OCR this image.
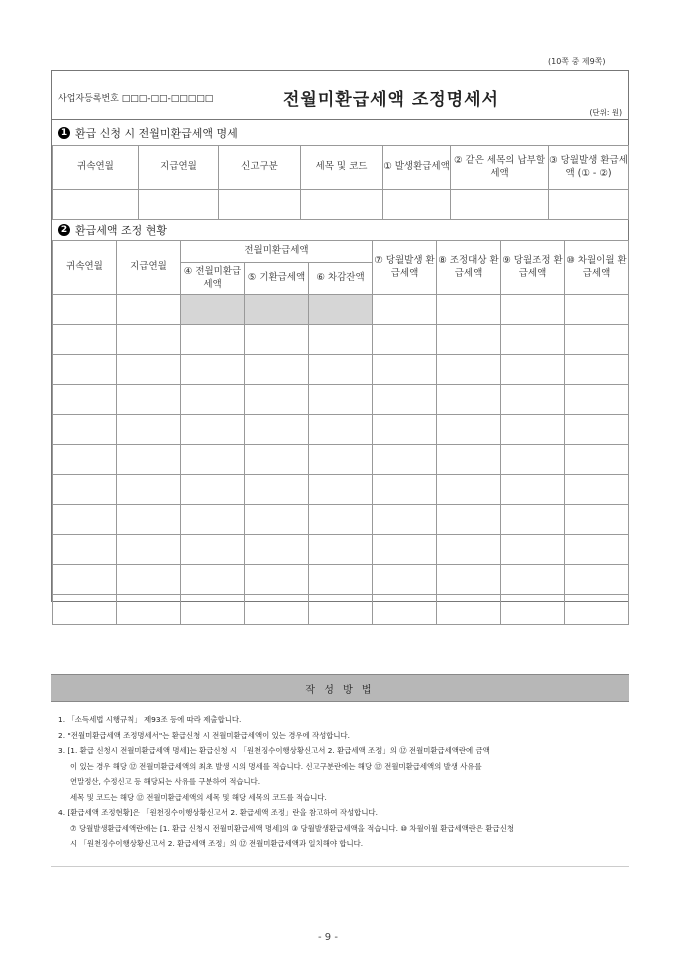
(10쪽 중 제9쪽)
사업자등록번호 □□□-□□-□□□□□	전월미환급세액 조정명세서
(단위: 원)
1 환급 신청 시 전월미환급세액 명세
귀속연월	지급연월	신고구분	세목 및 코드	① 발생환급세액	② 같은 세목의 납부할세액	③ 당월발생 환급세액 (① - ②)

2 환급세액 조정 현황
귀속연월	지급연월	전월미환급세액			⑦ 당월발생 환급세액	⑧ 조정대상 환급세액	⑨ 당월조정 환급세액	⑩ 차월이월 환급세액
		④ 전월미환급세액	⑤ 기환급세액	⑥ 차감잔액				

작 성 방 법
1. 「소득세법 시행규칙」 제93조 등에 따라 제출합니다.
2. "전월미환급세액 조정명세서"는 환급신청 시 전월미환급세액이 있는 경우에 작성합니다.
3. [1. 환급 신청시 전월미환급세액 명세]는 환급신청 시 「원천징수이행상황신고서 2. 환급세액 조정」의 ⑫ 전월미환급세액란에 금액
이 있는 경우 해당 ⑫ 전월미환급세액의 최초 발생 시의 명세를 적습니다. 신고구분란에는 해당 ⑫ 전월미환급세액의 발생 사유를
연말정산, 수정신고 등 해당되는 사유를 구분하여 적습니다.
세목 및 코드는 해당 ⑫ 전월미환급세액의 세목 및 해당 세목의 코드를 적습니다.
4. [환급세액 조정현황]은 「원천징수이행상황신고서 2. 환급세액 조정」란을 참고하여 작성합니다.
⑦ 당월발생환급세액란에는 [1. 환급 신청시 전월미환급세액 명세]의 ③ 당월발생환급세액을 적습니다. ⑩ 차월이월 환급세액란은 환급신청
시 「원천징수이행상황신고서 2. 환급세액 조정」의 ⑫ 전월미환급세액과 일치해야 합니다.
- 9 -
